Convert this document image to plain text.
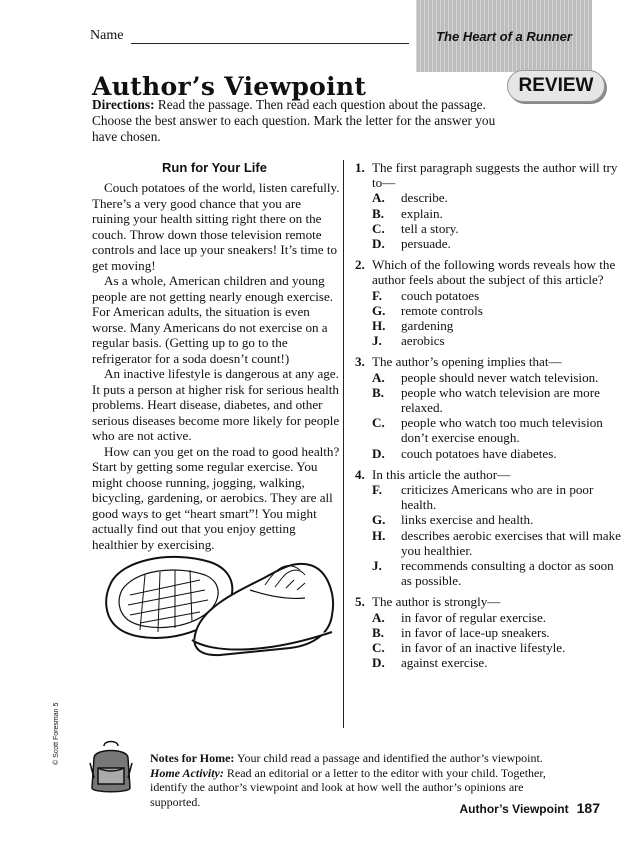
Name	The Heart of a Runner
REVIEW
Author’s Viewpoint
Directions: Read the passage. Then read each question about the passage. Choose the best answer to each question. Mark the letter for the answer you have chosen.
Run for Your Life

Couch potatoes of the world, listen carefully. There’s a very good chance that you are ruining your health sitting right there on the couch. Throw down those television remote controls and lace up your sneakers! It’s time to get moving!

As a whole, American children and young people are not getting nearly enough exercise. For American adults, the situation is even worse. Many Americans do not exercise on a regular basis. (Getting up to go to the refrigerator for a soda doesn’t count!)

An inactive lifestyle is dangerous at any age. It puts a person at higher risk for serious health problems. Heart disease, diabetes, and other serious diseases become more likely for people who are not active.

How can you get on the road to good health? Start by getting some regular exercise. You might choose running, jogging, walking, bicycling, gardening, or aerobics. They are all good ways to get “heart smart”! You might actually find out that you enjoy getting healthier by exercising.

1. The first paragraph suggests the author will try to—
A.	describe.
B.	explain.
C.	tell a story.
D.	persuade.
2. Which of the following words reveals how the author feels about the subject of this article?
F.	couch potatoes
G.	remote controls
H.	gardening
J.	aerobics
3. The author’s opening implies that—
A.	people should never watch television.
B.	people who watch television are more relaxed.
C.	people who watch too much television don’t exercise enough.
D.	couch potatoes have diabetes.
4. In this article the author—
F.	criticizes Americans who are in poor health.
G.	links exercise and health.
H.	describes aerobic exercises that will make you healthier.
J.	recommends consulting a doctor as soon as possible.
5. The author is strongly—
A.	in favor of regular exercise.
B.	in favor of lace-up sneakers.
C.	in favor of an inactive lifestyle.
D.	against exercise.
© Scott Foresman 5	Notes for Home: Your child read a passage and identified the author’s viewpoint. Home Activity: Read an editorial or a letter to the editor with your child. Together, identify the author’s viewpoint and look at how well the author’s opinions are supported.
Author’s Viewpoint 187
